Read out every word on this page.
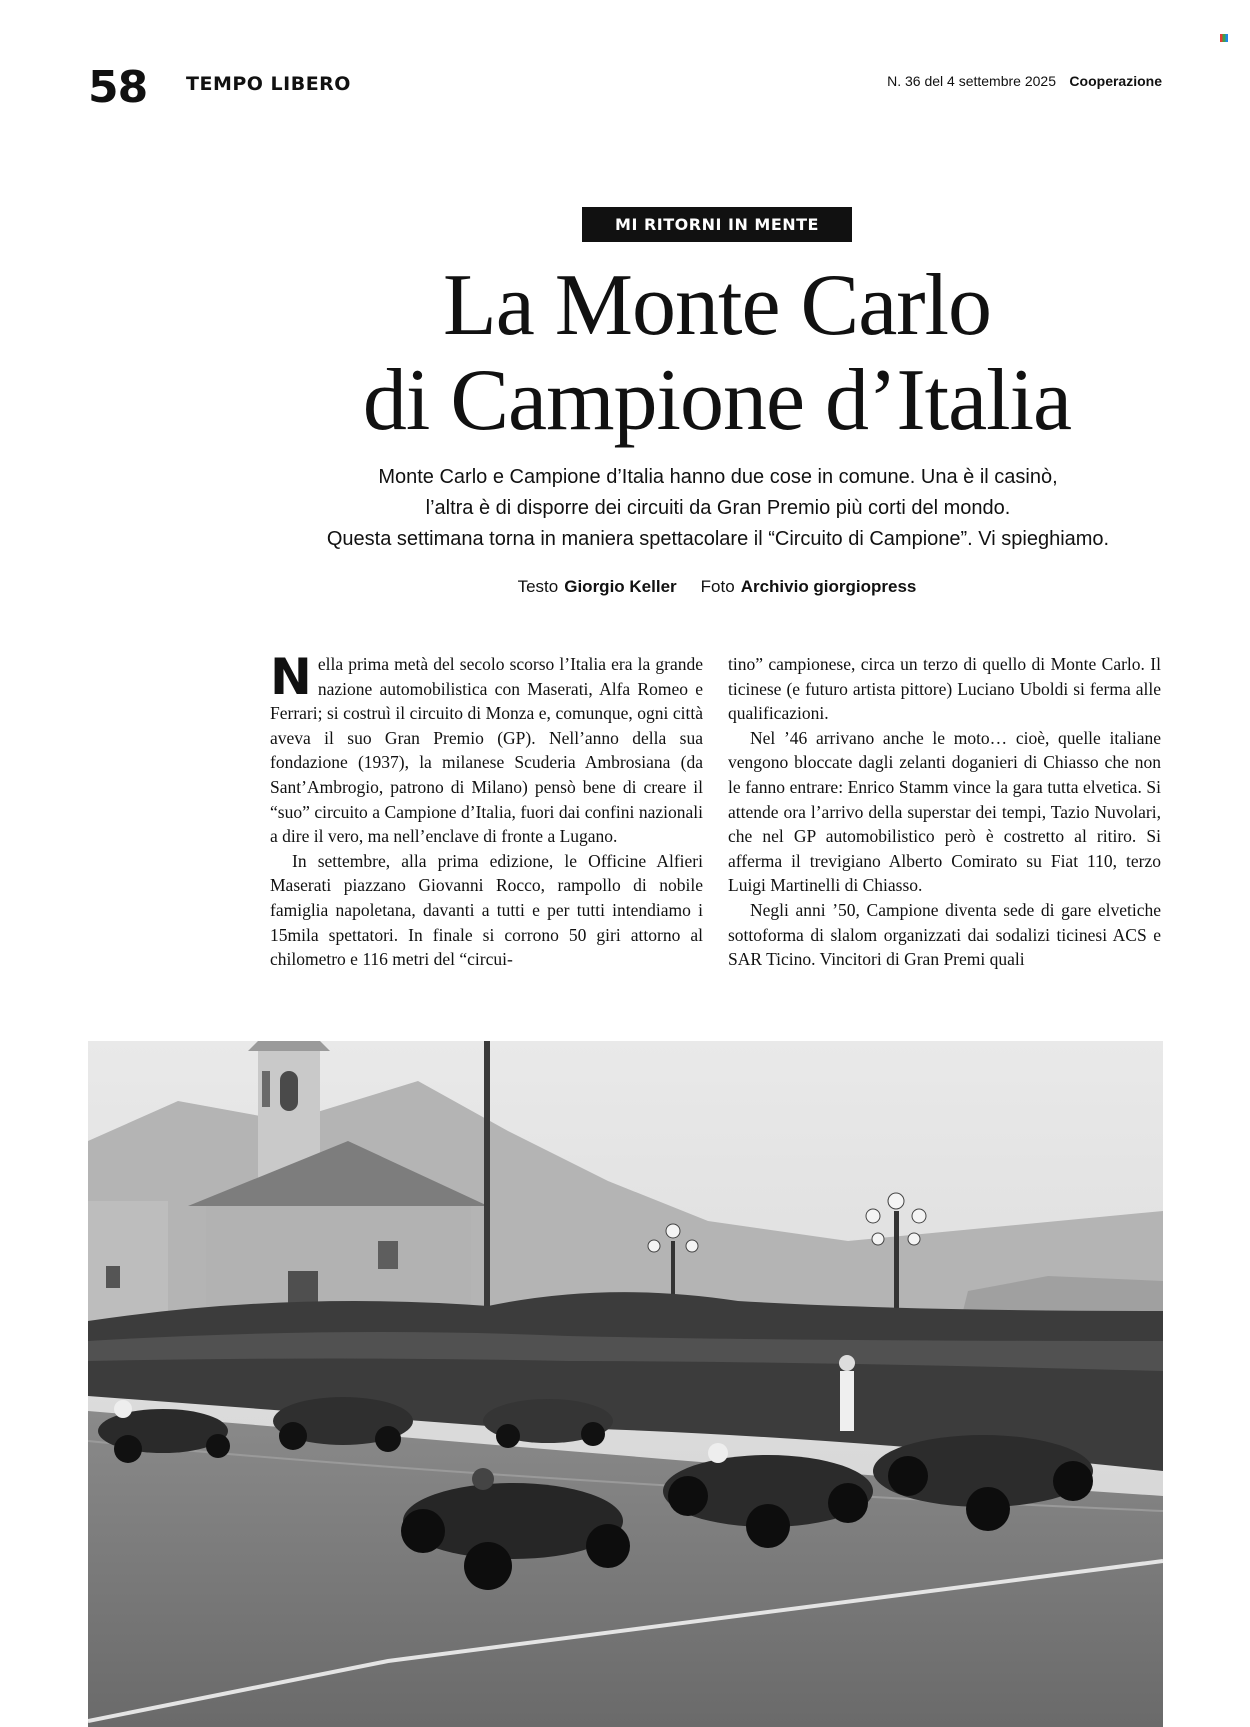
58 TEMPO LIBERO	N. 36 del 4 settembre 2025 Cooperazione
MI RITORNI IN MENTE
La Monte Carlo
di Campione d’Italia
Monte Carlo e Campione d’Italia hanno due cose in comune. Una è il casinò,
l’altra è di disporre dei circuiti da Gran Premio più corti del mondo.
Questa settimana torna in maniera spettacolare il “Circuito di Campione”. Vi spieghiamo.
Testo Giorgio Keller Foto Archivio giorgiopress

Nella prima metà del secolo scorso l’Italia era la grande nazione automobilistica con Maserati, Alfa Romeo e Ferrari; si costruì il circuito di Monza e, comunque, ogni città aveva il suo Gran Premio (GP). Nell’anno della sua fondazione (1937), la milanese Scuderia Ambrosiana (da Sant’Ambrogio, patrono di Milano) pensò bene di creare il “suo” circuito a Campione d’Italia, fuori dai confini nazionali a dire il vero, ma nell’enclave di fronte a Lugano.

In settembre, alla prima edizione, le Officine Alfieri Maserati piazzano Giovanni Rocco, rampollo di nobile famiglia napoletana, davanti a tutti e per tutti intendiamo i 15mila spettatori. In finale si corrono 50 giri attorno al chilometro e 116 metri del “circui-

tino” campionese, circa un terzo di quello di Monte Carlo. Il ticinese (e futuro artista pittore) Luciano Uboldi si ferma alle qualificazioni.

Nel ’46 arrivano anche le moto… cioè, quelle italiane vengono bloccate dagli zelanti doganieri di Chiasso che non le fanno entrare: Enrico Stamm vince la gara tutta elvetica. Si attende ora l’arrivo della superstar dei tempi, Tazio Nuvolari, che nel GP automobilistico però è costretto al ritiro. Si afferma il trevigiano Alberto Comirato su Fiat 110, terzo Luigi Martinelli di Chiasso.

Negli anni ’50, Campione diventa sede di gare elvetiche sottoforma di slalom organizzati dai sodalizi ticinesi ACS e SAR Ticino. Vincitori di Gran Premi quali
